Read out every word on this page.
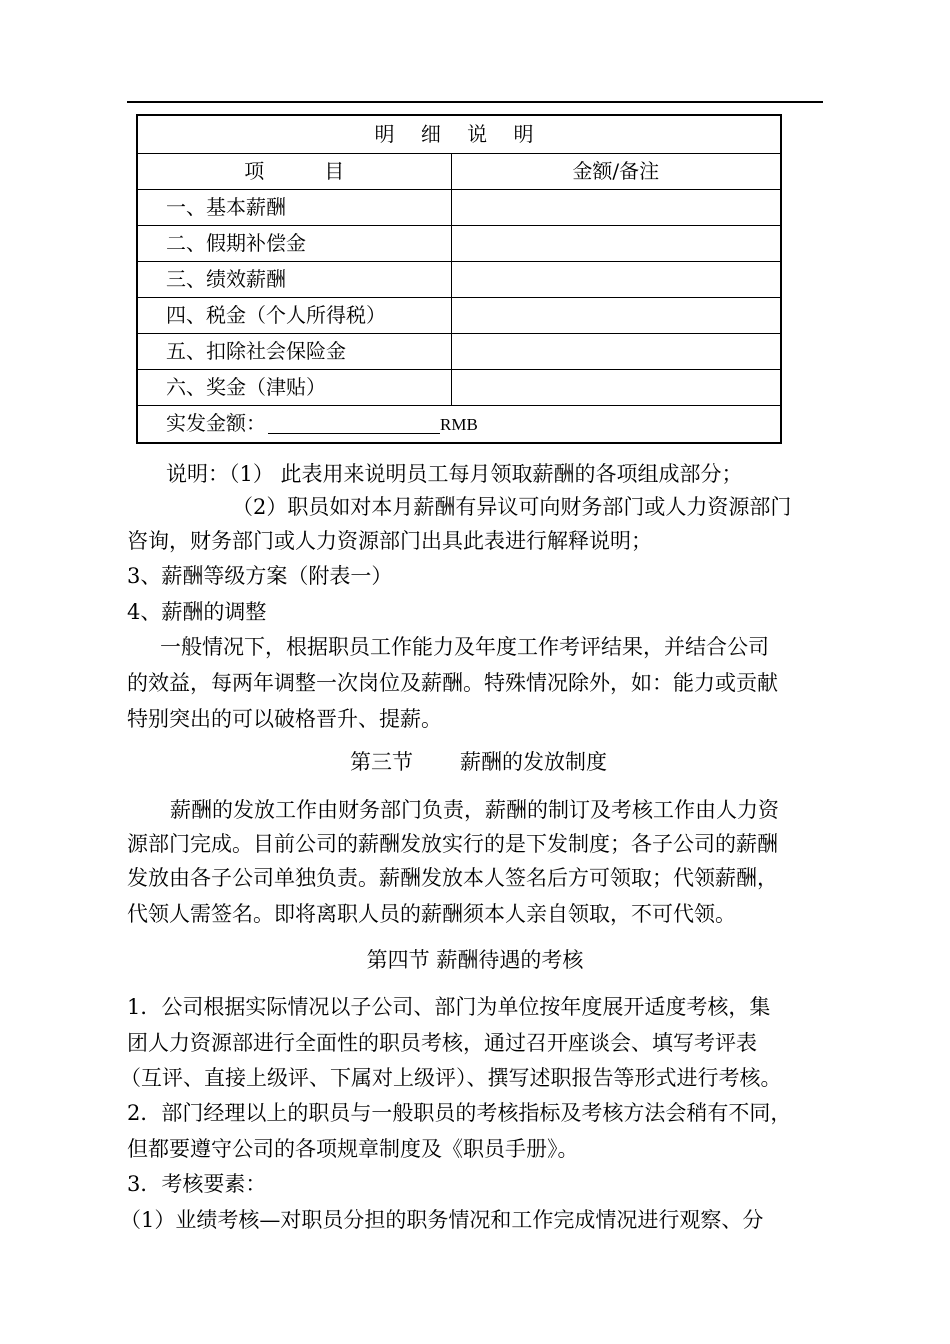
明 细 说 明	
项 目	金额/备注
一、基本薪酬	
二、假期补偿金	
三、绩效薪酬	
四、税金（个人所得税）	
五、扣除社会保险金	
六、奖金（津贴）	
实发金额： RMB	
说明：（1） 此表用来说明员工每月领取薪酬的各项组成部分；
（2）职员如对本月薪酬有异议可向财务部门或人力资源部门
咨询，财务部门或人力资源部门出具此表进行解释说明；
3、薪酬等级方案（附表一）
4、薪酬的调整
一般情况下，根据职员工作能力及年度工作考评结果，并结合公司
的效益，每两年调整一次岗位及薪酬。特殊情况除外，如：能力或贡献
特别突出的可以破格晋升、提薪。
第三节 薪酬的发放制度
薪酬的发放工作由财务部门负责，薪酬的制订及考核工作由人力资
源部门完成。目前公司的薪酬发放实行的是下发制度；各子公司的薪酬
发放由各子公司单独负责。薪酬发放本人签名后方可领取；代领薪酬，
代领人需签名。即将离职人员的薪酬须本人亲自领取，不可代领。
第四节 薪酬待遇的考核
1．公司根据实际情况以子公司、部门为单位按年度展开适度考核，集
团人力资源部进行全面性的职员考核，通过召开座谈会、填写考评表
（互评、直接上级评、下属对上级评）、撰写述职报告等形式进行考核。
2．部门经理以上的职员与一般职员的考核指标及考核方法会稍有不同，
但都要遵守公司的各项规章制度及《职员手册》。
3．考核要素：
（1）业绩考核—对职员分担的职务情况和工作完成情况进行观察、分
